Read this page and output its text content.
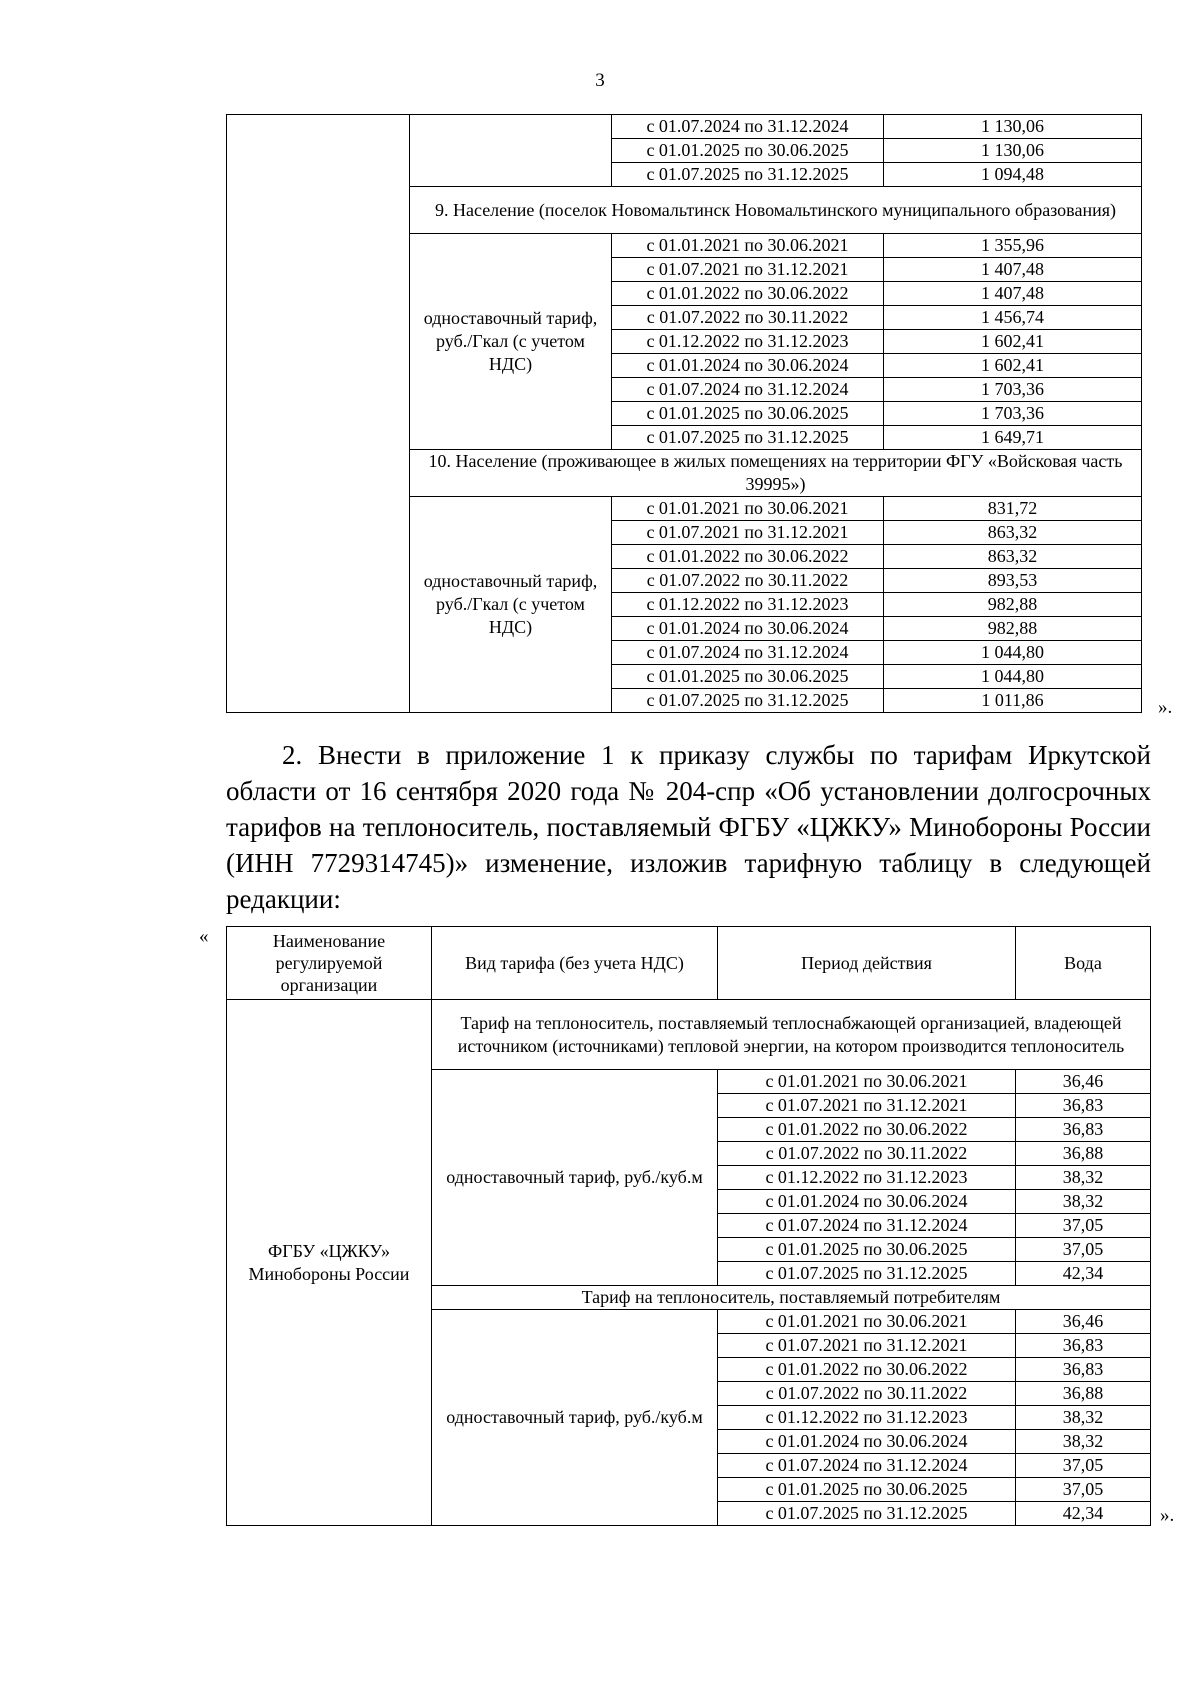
3
		с 01.07.2024 по 31.12.2024	1 130,06	
		с 01.01.2025 по 30.06.2025	1 130,06	
		с 01.07.2025 по 31.12.2025	1 094,48	
	9. Население (поселок Новомальтинск Новомальтинского муниципального образования)			
	одноставочный тариф, руб./Гкал (с учетом НДС)	с 01.01.2021 по 30.06.2021	1 355,96	
		с 01.07.2021 по 31.12.2021	1 407,48	
		с 01.01.2022 по 30.06.2022	1 407,48	
		с 01.07.2022 по 30.11.2022	1 456,74	
		с 01.12.2022 по 31.12.2023	1 602,41	
		с 01.01.2024 по 30.06.2024	1 602,41	
		с 01.07.2024 по 31.12.2024	1 703,36	
		с 01.01.2025 по 30.06.2025	1 703,36	
		с 01.07.2025 по 31.12.2025	1 649,71	
	10. Население (проживающее в жилых помещениях на территории ФГУ «Войсковая часть 39995»)			
	одноставочный тариф, руб./Гкал (с учетом НДС)	с 01.01.2021 по 30.06.2021	831,72	
		с 01.07.2021 по 31.12.2021	863,32	
		с 01.01.2022 по 30.06.2022	863,32	
		с 01.07.2022 по 30.11.2022	893,53	
		с 01.12.2022 по 31.12.2023	982,88	
		с 01.01.2024 по 30.06.2024	982,88	
		с 01.07.2024 по 31.12.2024	1 044,80	
		с 01.01.2025 по 30.06.2025	1 044,80	
		с 01.07.2025 по 31.12.2025	1 011,86		».

2. Внести в приложение 1 к приказу службы по тарифам Иркутской области от 16 сентября 2020 года № 204-спр «Об установлении долгосрочных тарифов на теплоноситель, поставляемый ФГБУ «ЦЖКУ» Минобороны России (ИНН 7729314745)» изменение, изложив тарифную таблицу в следующей редакции:

«	Наименование регулируемой организации	Вид тарифа (без учета НДС)	Период действия	Вода
ФГБУ «ЦЖКУ» Минобороны России	Тариф на теплоноситель, поставляемый теплоснабжающей организацией, владеющей источником (источниками) тепловой энергии, на котором производится теплоноситель		
	одноставочный тариф, руб./куб.м	с 01.01.2021 по 30.06.2021	36,46
		с 01.07.2021 по 31.12.2021	36,83
		с 01.01.2022 по 30.06.2022	36,83
		с 01.07.2022 по 30.11.2022	36,88
		с 01.12.2022 по 31.12.2023	38,32
		с 01.01.2024 по 30.06.2024	38,32
		с 01.07.2024 по 31.12.2024	37,05
		с 01.01.2025 по 30.06.2025	37,05
		с 01.07.2025 по 31.12.2025	42,34
	Тариф на теплоноситель, поставляемый потребителям		
	одноставочный тариф, руб./куб.м	с 01.01.2021 по 30.06.2021	36,46
		с 01.07.2021 по 31.12.2021	36,83
		с 01.01.2022 по 30.06.2022	36,83
		с 01.07.2022 по 30.11.2022	36,88
		с 01.12.2022 по 31.12.2023	38,32
		с 01.01.2024 по 30.06.2024	38,32
		с 01.07.2024 по 31.12.2024	37,05
		с 01.01.2025 по 30.06.2025	37,05
		с 01.07.2025 по 31.12.2025	42,34	».
